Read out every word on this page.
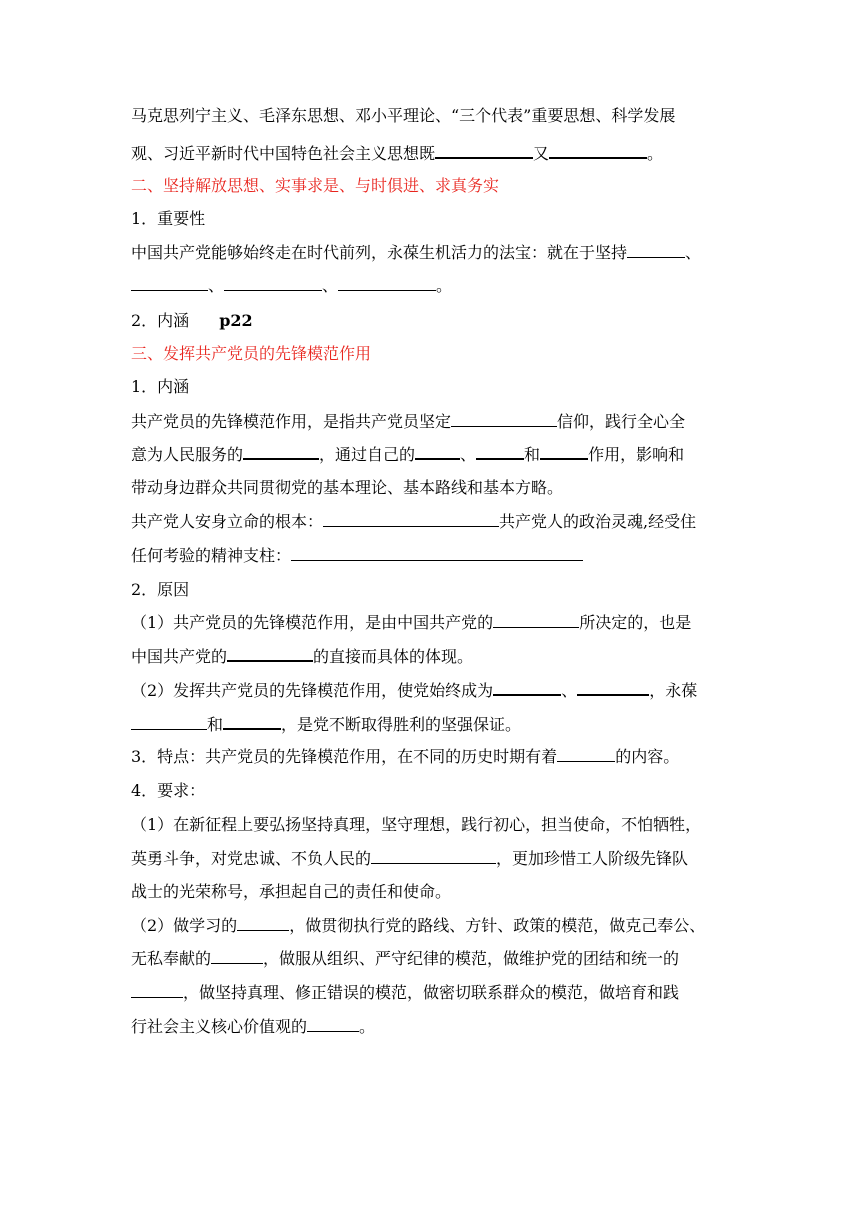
马克思列宁主义、毛泽东思想、邓小平理论、“三个代表”重要思想、科学发展
观、习近平新时代中国特色社会主义思想既	又	。
二、坚持解放思想、实事求是、与时俱进、求真务实
1．重要性
中国共产党能够始终走在时代前列，永葆生机活力的法宝：就在于坚持	、
、	、	。
2．内涵 p22
三、发挥共产党员的先锋模范作用
1．内涵
共产党员的先锋模范作用，是指共产党员坚定	信仰，践行全心全
意为人民服务的	，通过自己的	、	和	作用，影响和
带动身边群众共同贯彻党的基本理论、基本路线和基本方略。
共产党人安身立命的根本：	共产党人的政治灵魂,经受住
任何考验的精神支柱：
2．原因
（1）共产党员的先锋模范作用，是由中国共产党的	所决定的，也是
中国共产党的	的直接而具体的体现。
（2）发挥共产党员的先锋模范作用，使党始终成为	、	，永葆
和	，是党不断取得胜利的坚强保证。
3．特点：共产党员的先锋模范作用，在不同的历史时期有着	的内容。
4．要求：
（1）在新征程上要弘扬坚持真理，坚守理想，践行初心，担当使命，不怕牺牲，
英勇斗争，对党忠诚、不负人民的	，更加珍惜工人阶级先锋队
战士的光荣称号，承担起自己的责任和使命。
（2）做学习的	，做贯彻执行党的路线、方针、政策的模范，做克己奉公、
无私奉献的	，做服从组织、严守纪律的模范，做维护党的团结和统一的
，做坚持真理、修正错误的模范，做密切联系群众的模范，做培育和践
行社会主义核心价值观的	。
